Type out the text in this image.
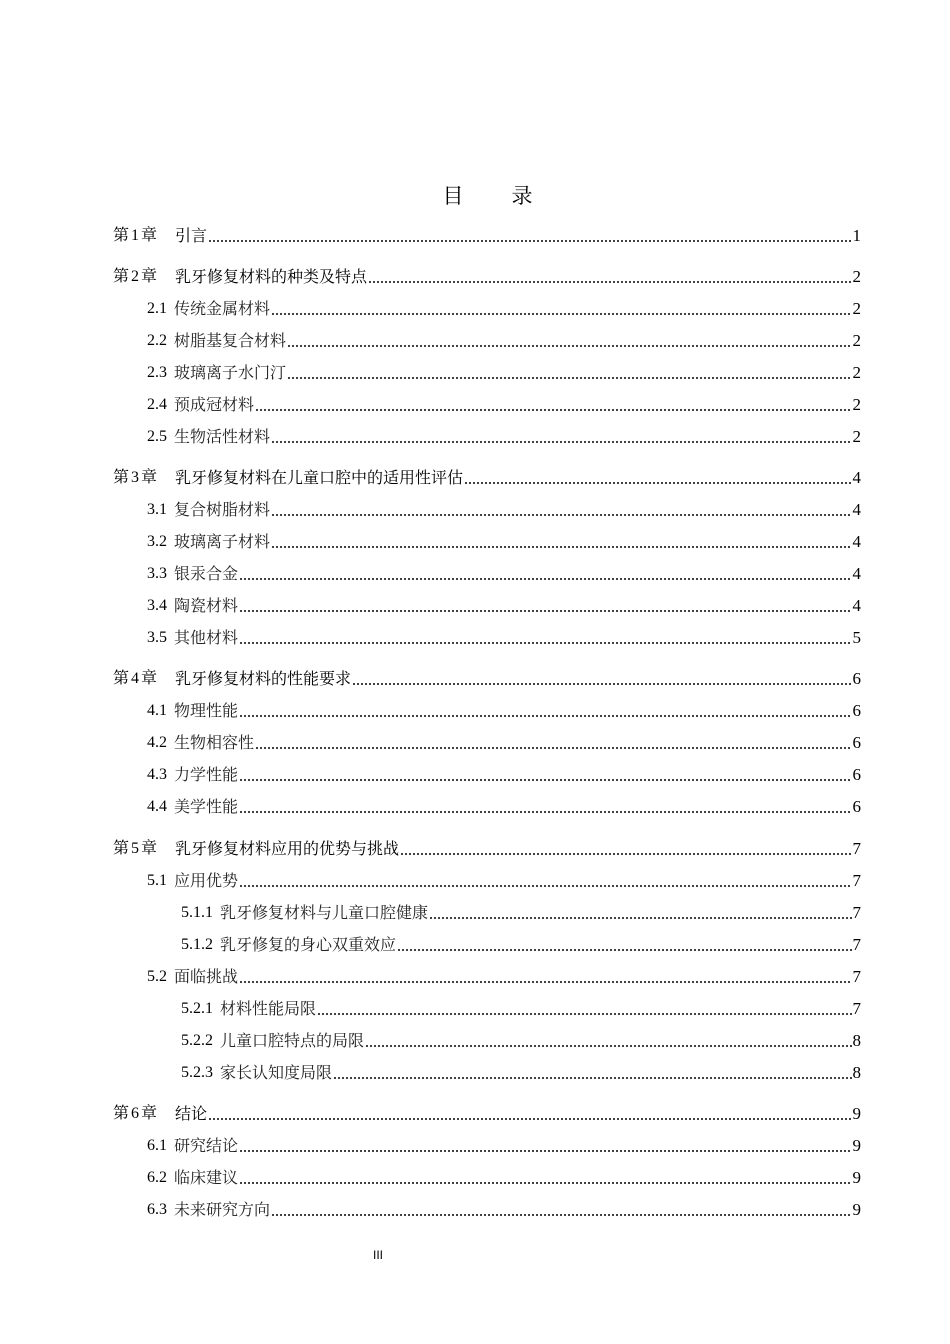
目 录
第 1 章 引言	1
第 2 章 乳牙修复材料的种类及特点	2
2.1 传统金属材料	2
2.2 树脂基复合材料	2
2.3 玻璃离子水门汀	2
2.4 预成冠材料	2
2.5 生物活性材料	2
第 3 章 乳牙修复材料在儿童口腔中的适用性评估	4
3.1 复合树脂材料	4
3.2 玻璃离子材料	4
3.3 银汞合金	4
3.4 陶瓷材料	4
3.5 其他材料	5
第 4 章 乳牙修复材料的性能要求	6
4.1 物理性能	6
4.2 生物相容性	6
4.3 力学性能	6
4.4 美学性能	6
第 5 章 乳牙修复材料应用的优势与挑战	7
5.1 应用优势	7
5.1.1 乳牙修复材料与儿童口腔健康	7
5.1.2 乳牙修复的身心双重效应	7
5.2 面临挑战	7
5.2.1 材料性能局限	7
5.2.2 儿童口腔特点的局限	8
5.2.3 家长认知度局限	8
第 6 章 结论	9
6.1 研究结论	9
6.2 临床建议	9
6.3 未来研究方向	9
III
